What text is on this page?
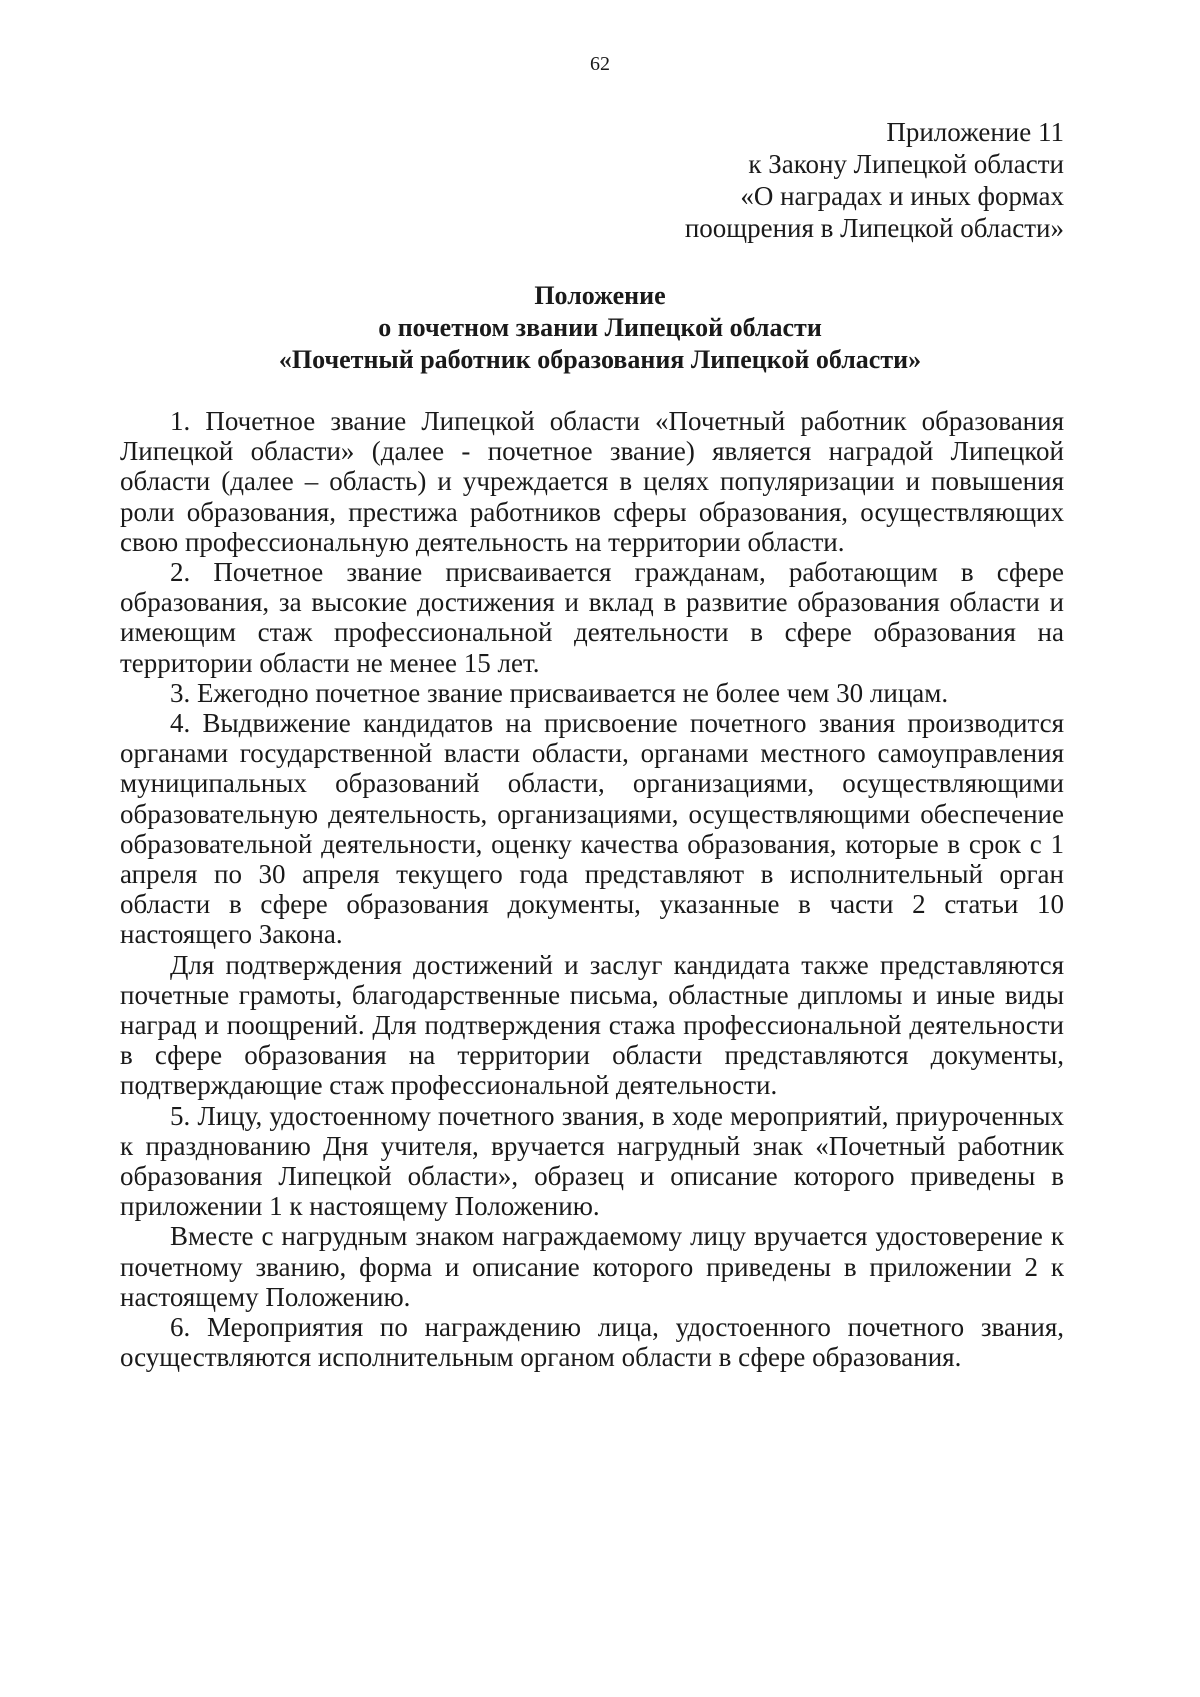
62
Приложение 11
к Закону Липецкой области
«О наградах и иных формах
поощрения в Липецкой области»
Положение
о почетном звании Липецкой области
«Почетный работник образования Липецкой области»

1. Почетное звание Липецкой области «Почетный работник образования Липецкой области» (далее - почетное звание) является наградой Липецкой области (далее – область) и учреждается в целях популяризации и повышения роли образования, престижа работников сферы образования, осуществляющих свою профессиональную деятельность на территории области.

2. Почетное звание присваивается гражданам, работающим в сфере образования, за высокие достижения и вклад в развитие образования области и имеющим стаж профессиональной деятельности в сфере образования на территории области не менее 15 лет.

3. Ежегодно почетное звание присваивается не более чем 30 лицам.

4. Выдвижение кандидатов на присвоение почетного звания производится органами государственной власти области, органами местного самоуправления муниципальных образований области, организациями, осуществляющими образовательную деятельность, организациями, осуществляющими обеспечение образовательной деятельности, оценку качества образования, которые в срок с 1 апреля по 30 апреля текущего года представляют в исполнительный орган области в сфере образования документы, указанные в части 2 статьи 10 настоящего Закона.

Для подтверждения достижений и заслуг кандидата также представляются почетные грамоты, благодарственные письма, областные дипломы и иные виды наград и поощрений. Для подтверждения стажа профессиональной деятельности в сфере образования на территории области представляются документы, подтверждающие стаж профессиональной деятельности.

5. Лицу, удостоенному почетного звания, в ходе мероприятий, приуроченных к празднованию Дня учителя, вручается нагрудный знак «Почетный работник образования Липецкой области», образец и описание которого приведены в приложении 1 к настоящему Положению.

Вместе с нагрудным знаком награждаемому лицу вручается удостоверение к почетному званию, форма и описание которого приведены в приложении 2 к настоящему Положению.

6. Мероприятия по награждению лица, удостоенного почетного звания, осуществляются исполнительным органом области в сфере образования.
